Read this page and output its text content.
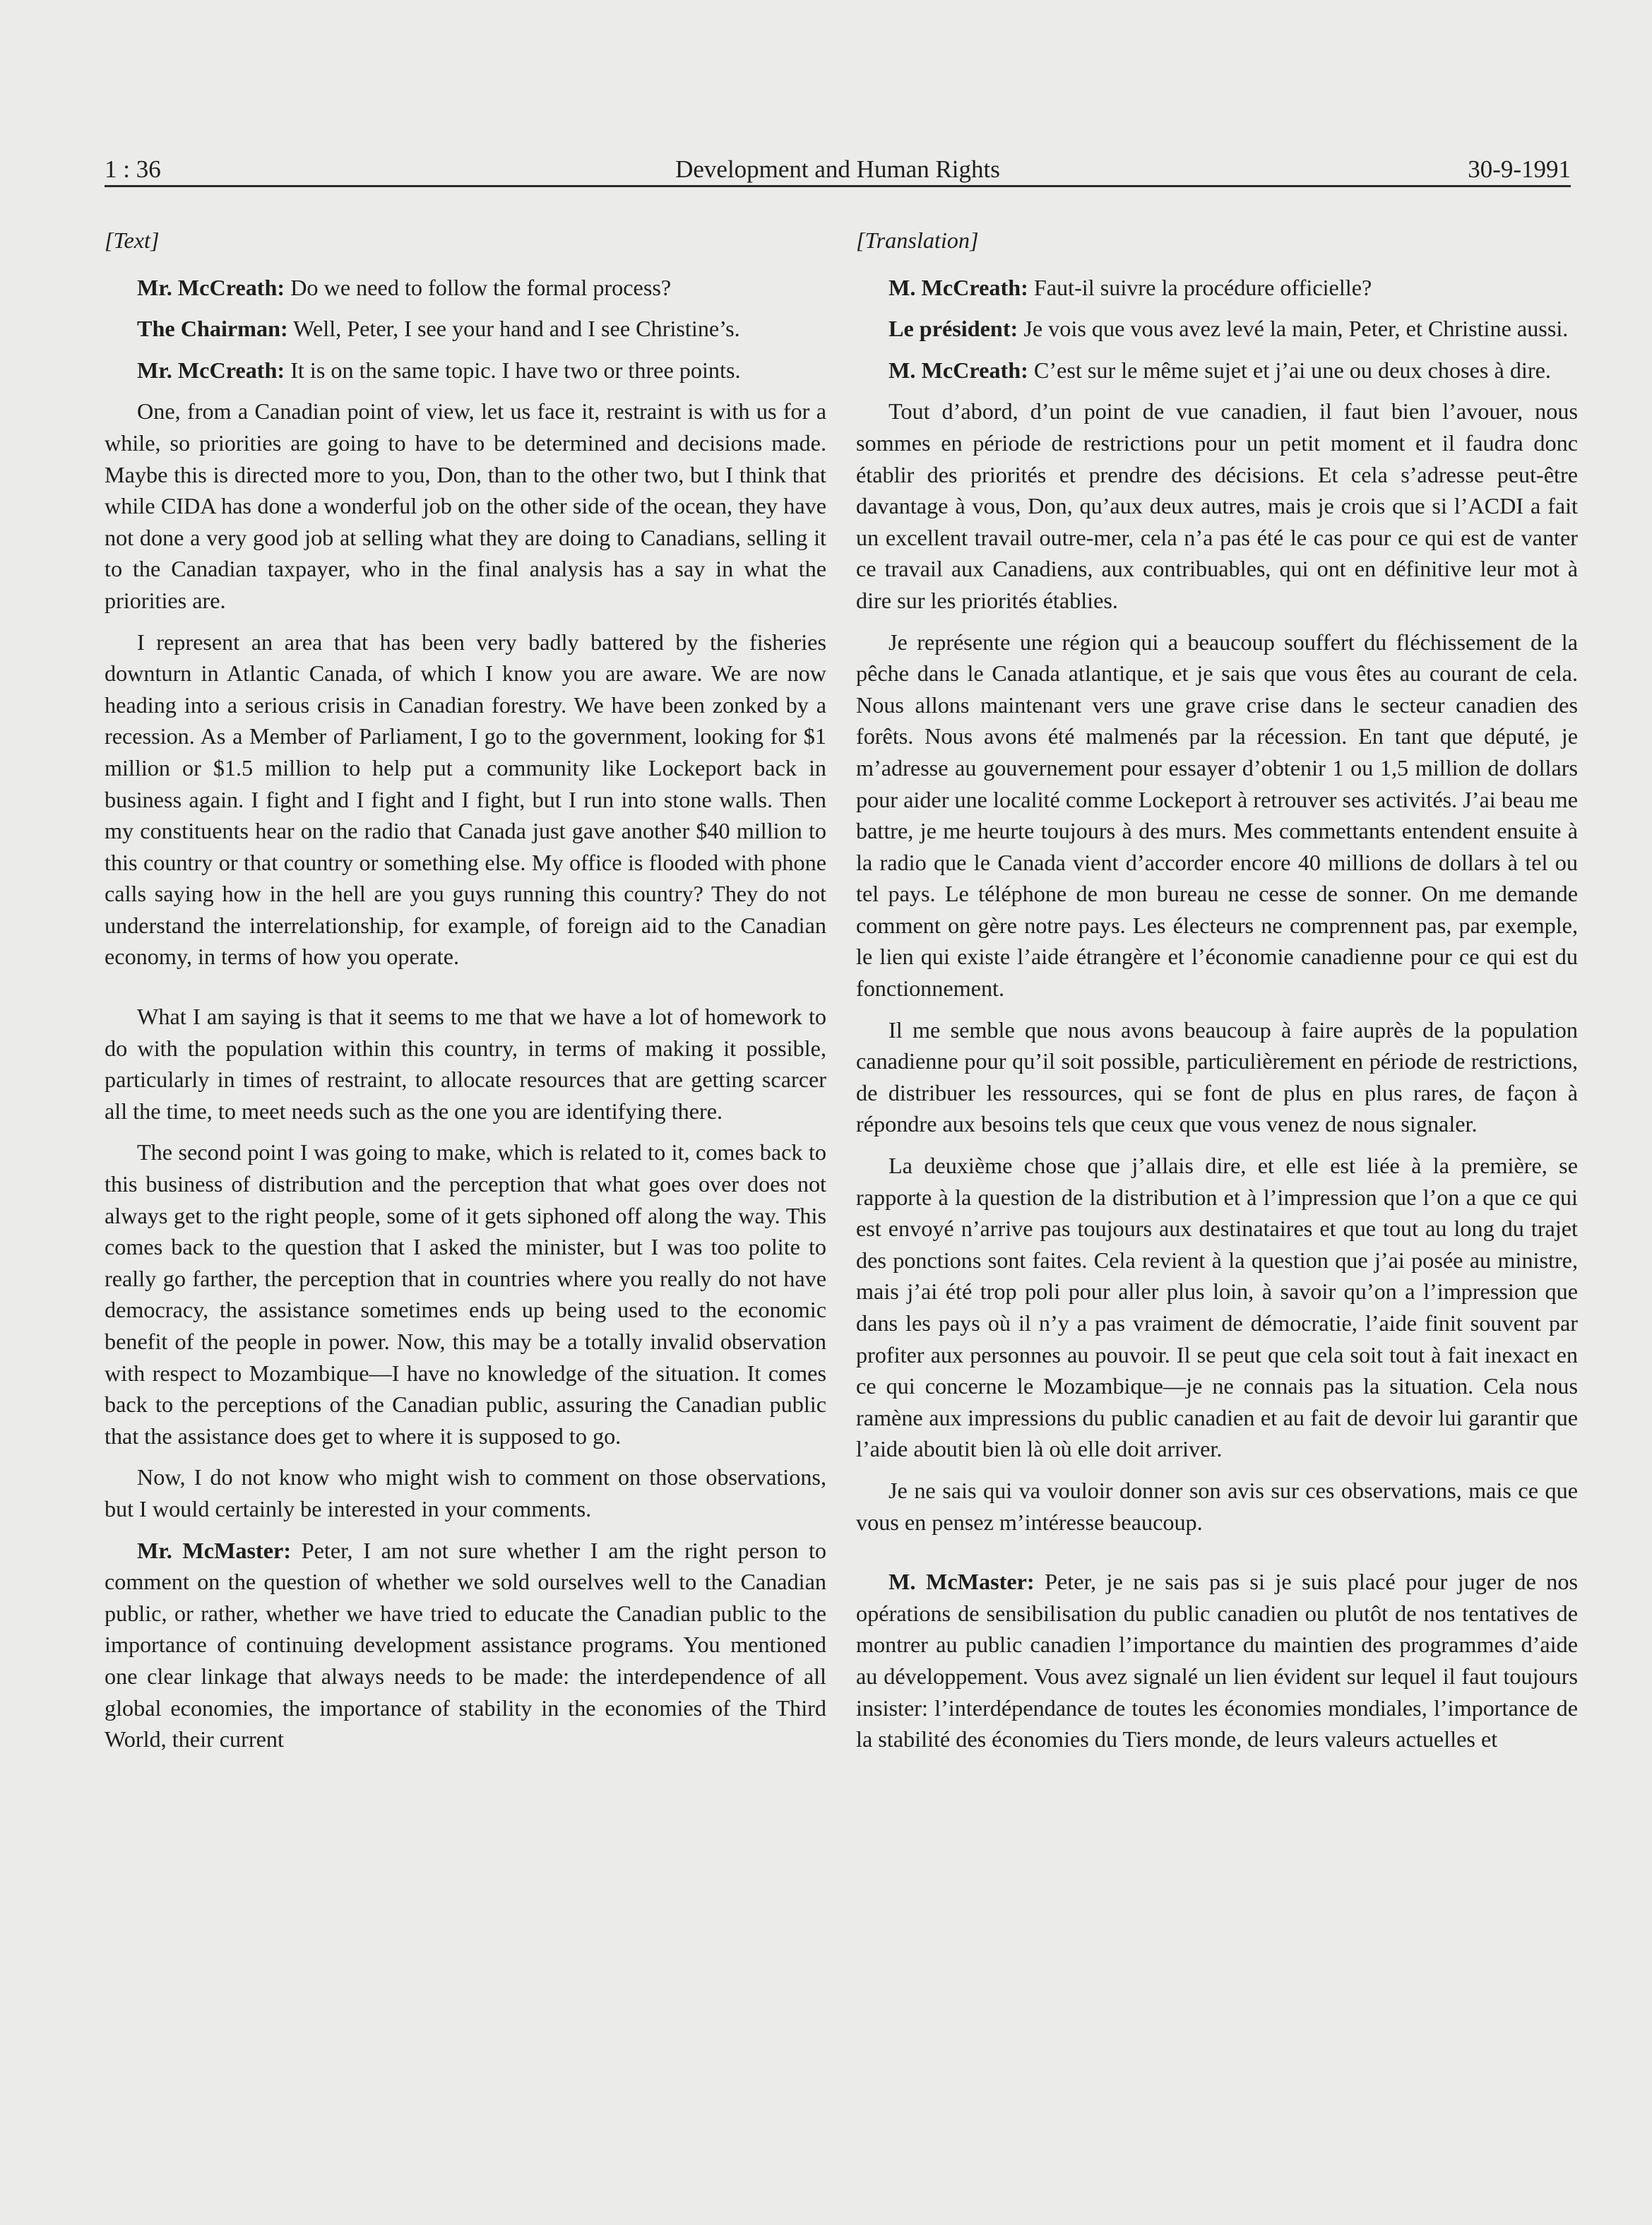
1 : 36	Development and Human Rights	30-9-1991

[Text]

Mr. McCreath: Do we need to follow the formal process?

The Chairman: Well, Peter, I see your hand and I see Christine’s.

Mr. McCreath: It is on the same topic. I have two or three points.

One, from a Canadian point of view, let us face it, restraint is with us for a while, so priorities are going to have to be determined and decisions made. Maybe this is directed more to you, Don, than to the other two, but I think that while CIDA has done a wonderful job on the other side of the ocean, they have not done a very good job at selling what they are doing to Canadians, selling it to the Canadian taxpayer, who in the final analysis has a say in what the priorities are.

I represent an area that has been very badly battered by the fisheries downturn in Atlantic Canada, of which I know you are aware. We are now heading into a serious crisis in Canadian forestry. We have been zonked by a recession. As a Member of Parliament, I go to the government, looking for $1 million or $1.5 million to help put a community like Lockeport back in business again. I fight and I fight and I fight, but I run into stone walls. Then my constituents hear on the radio that Canada just gave another $40 million to this country or that country or something else. My office is flooded with phone calls saying how in the hell are you guys running this country? They do not understand the interrelationship, for example, of foreign aid to the Canadian economy, in terms of how you operate.

What I am saying is that it seems to me that we have a lot of homework to do with the population within this country, in terms of making it possible, particularly in times of restraint, to allocate resources that are getting scarcer all the time, to meet needs such as the one you are identifying there.

The second point I was going to make, which is related to it, comes back to this business of distribution and the perception that what goes over does not always get to the right people, some of it gets siphoned off along the way. This comes back to the question that I asked the minister, but I was too polite to really go farther, the perception that in countries where you really do not have democracy, the assistance sometimes ends up being used to the economic benefit of the people in power. Now, this may be a totally invalid observation with respect to Mozambique—I have no knowledge of the situation. It comes back to the perceptions of the Canadian public, assuring the Canadian public that the assistance does get to where it is supposed to go.

Now, I do not know who might wish to comment on those observations, but I would certainly be interested in your comments.

Mr. McMaster: Peter, I am not sure whether I am the right person to comment on the question of whether we sold ourselves well to the Canadian public, or rather, whether we have tried to educate the Canadian public to the importance of continuing development assistance programs. You mentioned one clear linkage that always needs to be made: the interdependence of all global economies, the importance of stability in the economies of the Third World, their current

[Translation]

M. McCreath: Faut-il suivre la procédure officielle?

Le président: Je vois que vous avez levé la main, Peter, et Christine aussi.

M. McCreath: C’est sur le même sujet et j’ai une ou deux choses à dire.

Tout d’abord, d’un point de vue canadien, il faut bien l’avouer, nous sommes en période de restrictions pour un petit moment et il faudra donc établir des priorités et prendre des décisions. Et cela s’adresse peut-être davantage à vous, Don, qu’aux deux autres, mais je crois que si l’ACDI a fait un excellent travail outre-mer, cela n’a pas été le cas pour ce qui est de vanter ce travail aux Canadiens, aux contribuables, qui ont en définitive leur mot à dire sur les priorités établies.

Je représente une région qui a beaucoup souffert du fléchissement de la pêche dans le Canada atlantique, et je sais que vous êtes au courant de cela. Nous allons maintenant vers une grave crise dans le secteur canadien des forêts. Nous avons été malmenés par la récession. En tant que député, je m’adresse au gouvernement pour essayer d’obtenir 1 ou 1,5 million de dollars pour aider une localité comme Lockeport à retrouver ses activités. J’ai beau me battre, je me heurte toujours à des murs. Mes commettants entendent ensuite à la radio que le Canada vient d’accorder encore 40 millions de dollars à tel ou tel pays. Le téléphone de mon bureau ne cesse de sonner. On me demande comment on gère notre pays. Les électeurs ne comprennent pas, par exemple, le lien qui existe l’aide étrangère et l’économie canadienne pour ce qui est du fonctionnement.

Il me semble que nous avons beaucoup à faire auprès de la population canadienne pour qu’il soit possible, particulièrement en période de restrictions, de distribuer les ressources, qui se font de plus en plus rares, de façon à répondre aux besoins tels que ceux que vous venez de nous signaler.

La deuxième chose que j’allais dire, et elle est liée à la première, se rapporte à la question de la distribution et à l’impression que l’on a que ce qui est envoyé n’arrive pas toujours aux destinataires et que tout au long du trajet des ponctions sont faites. Cela revient à la question que j’ai posée au ministre, mais j’ai été trop poli pour aller plus loin, à savoir qu’on a l’impression que dans les pays où il n’y a pas vraiment de démocratie, l’aide finit souvent par profiter aux personnes au pouvoir. Il se peut que cela soit tout à fait inexact en ce qui concerne le Mozambique—je ne connais pas la situation. Cela nous ramène aux impressions du public canadien et au fait de devoir lui garantir que l’aide aboutit bien là où elle doit arriver.

Je ne sais qui va vouloir donner son avis sur ces observations, mais ce que vous en pensez m’intéresse beaucoup.

M. McMaster: Peter, je ne sais pas si je suis placé pour juger de nos opérations de sensibilisation du public canadien ou plutôt de nos tentatives de montrer au public canadien l’importance du maintien des programmes d’aide au développement. Vous avez signalé un lien évident sur lequel il faut toujours insister: l’interdépendance de toutes les économies mondiales, l’importance de la stabilité des économies du Tiers monde, de leurs valeurs actuelles et
